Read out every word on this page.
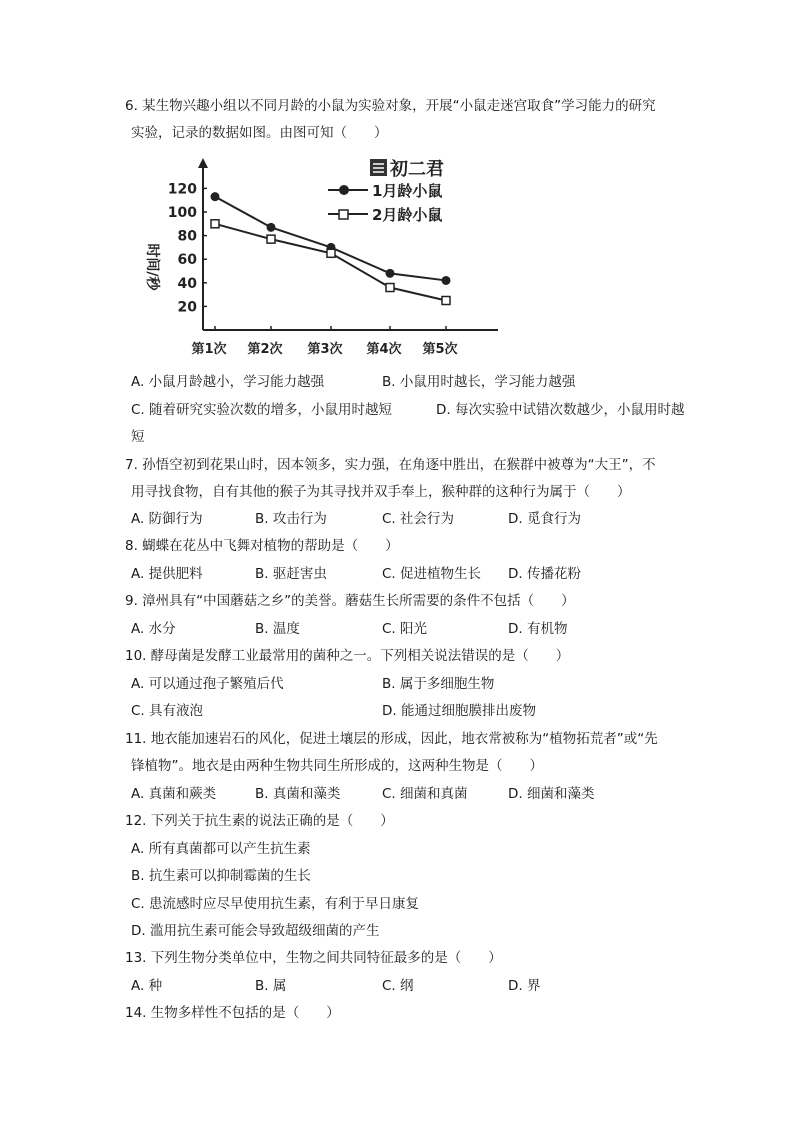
6. 某生物兴趣小组以不同月龄的小鼠为实验对象，开展“小鼠走迷宫取食”学习能力的研究
实验，记录的数据如图。由图可知（　　）
初二君
20
40
60
80
100
120
第1次 第2次 第3次 第4次 第5次
1月龄小鼠
2月龄小鼠
时间/秒
A. 小鼠月龄越小，学习能力越强	B. 小鼠用时越长，学习能力越强
C. 随着研究实验次数的增多，小鼠用时越短	D. 每次实验中试错次数越少，小鼠用时越
短
7. 孙悟空初到花果山时，因本领多，实力强，在角逐中胜出，在猴群中被尊为“大王”，不
用寻找食物，自有其他的猴子为其寻找并双手奉上，猴种群的这种行为属于（　　）
A. 防御行为	B. 攻击行为	C. 社会行为	D. 觅食行为
8. 蝴蝶在花丛中飞舞对植物的帮助是（　　）
A. 提供肥料	B. 驱赶害虫	C. 促进植物生长 D. 传播花粉
9. 漳州具有“中国蘑菇之乡”的美誉。蘑菇生长所需要的条件不包括（　　）
A. 水分	B. 温度	C. 阳光	D. 有机物
10. 酵母菌是发酵工业最常用的菌种之一。下列相关说法错误的是（　　）
A. 可以通过孢子繁殖后代	B. 属于多细胞生物
C. 具有液泡	D. 能通过细胞膜排出废物
11. 地衣能加速岩石的风化，促进土壤层的形成，因此，地衣常被称为“植物拓荒者”或“先
锋植物”。地衣是由两种生物共同生所形成的，这两种生物是（　　）
A. 真菌和蕨类	B. 真菌和藻类	C. 细菌和真菌	D. 细菌和藻类
12. 下列关于抗生素的说法正确的是（　　）
A. 所有真菌都可以产生抗生素
B. 抗生素可以抑制霉菌的生长
C. 患流感时应尽早使用抗生素，有利于早日康复
D. 滥用抗生素可能会导致超级细菌的产生
13. 下列生物分类单位中，生物之间共同特征最多的是（　　）
A. 种	B. 属	C. 纲	D. 界
14. 生物多样性不包括的是（　　）
